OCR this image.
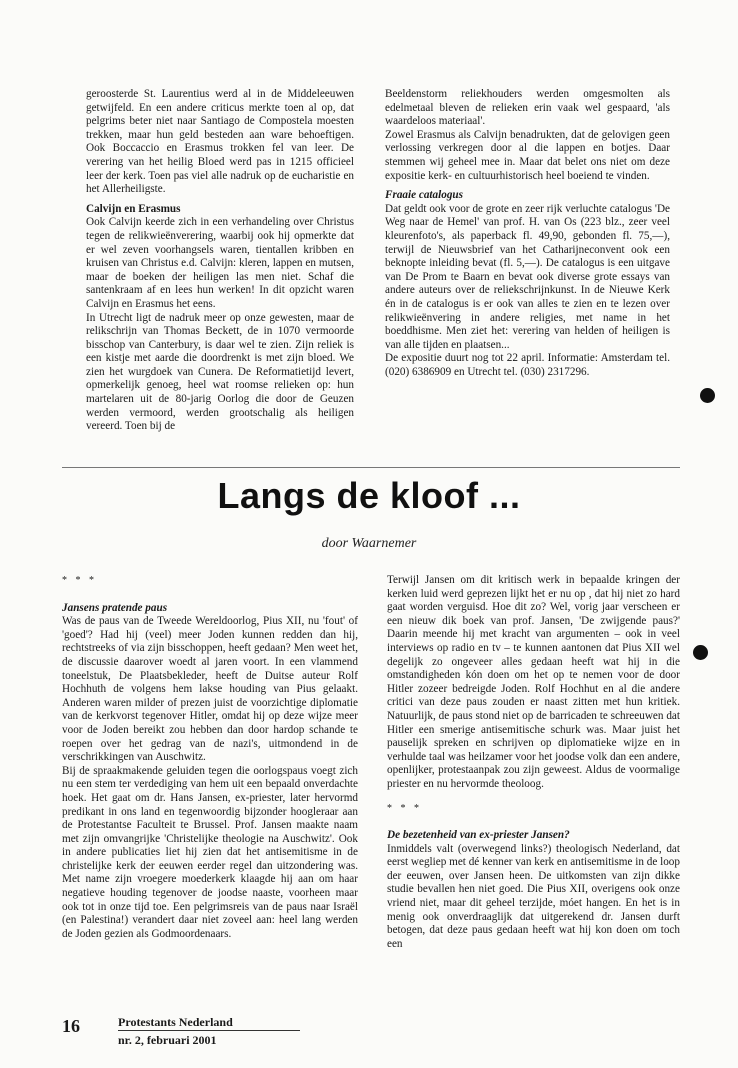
geroosterde St. Laurentius werd al in de Middeleeuwen getwijfeld. En een andere criticus merkte toen al op, dat pelgrims beter niet naar Santiago de Compostela moesten trekken, maar hun geld besteden aan ware behoeftigen. Ook Boccaccio en Erasmus trokken fel van leer. De verering van het heilig Bloed werd pas in 1215 officieel leer der kerk. Toen pas viel alle nadruk op de eucharistie en het Allerheiligste.

Calvijn en Erasmus

Ook Calvijn keerde zich in een verhandeling over Christus tegen de relikwieënverering, waarbij ook hij opmerkte dat er wel zeven voorhangsels waren, tientallen kribben en kruisen van Christus e.d. Calvijn: kleren, lappen en mutsen, maar de boeken der heiligen las men niet. Schaf die santenkraam af en lees hun werken! In dit opzicht waren Calvijn en Erasmus het eens.

In Utrecht ligt de nadruk meer op onze gewesten, maar de relikschrijn van Thomas Beckett, de in 1070 vermoorde bisschop van Canterbury, is daar wel te zien. Zijn reliek is een kistje met aarde die doordrenkt is met zijn bloed. We zien het wurgdoek van Cunera. De Reformatietijd levert, opmerkelijk genoeg, heel wat roomse relieken op: hun martelaren uit de 80-jarig Oorlog die door de Geuzen werden vermoord, werden grootschalig als heiligen vereerd. Toen bij de

Beeldenstorm reliekhouders werden omgesmolten als edelmetaal bleven de relieken erin vaak wel gespaard, 'als waardeloos materiaal'.

Zowel Erasmus als Calvijn benadrukten, dat de gelovigen geen verlossing verkregen door al die lappen en botjes. Daar stemmen wij geheel mee in. Maar dat belet ons niet om deze expositie kerk- en cultuurhistorisch heel boeiend te vinden.

Fraaie catalogus

Dat geldt ook voor de grote en zeer rijk verluchte catalogus 'De Weg naar de Hemel' van prof. H. van Os (223 blz., zeer veel kleurenfoto's, als paperback fl. 49,90, gebonden fl. 75,—), terwijl de Nieuwsbrief van het Catharijneconvent ook een beknopte inleiding bevat (fl. 5,—). De catalogus is een uitgave van De Prom te Baarn en bevat ook diverse grote essays van andere auteurs over de reliekschrijnkunst. In de Nieuwe Kerk én in de catalogus is er ook van alles te zien en te lezen over relikwieënvering in andere religies, met name in het boeddhisme. Men ziet het: verering van helden of heiligen is van alle tijden en plaatsen...

De expositie duurt nog tot 22 april. Informatie: Amsterdam tel. (020) 6386909 en Utrecht tel. (030) 2317296.

Langs de kloof ...
door Waarnemer

* * *

Jansens pratende paus

Was de paus van de Tweede Wereldoorlog, Pius XII, nu 'fout' of 'goed'? Had hij (veel) meer Joden kunnen redden dan hij, rechtstreeks of via zijn bisschoppen, heeft gedaan? Men weet het, de discussie daarover woedt al jaren voort. In een vlammend toneelstuk, De Plaatsbekleder, heeft de Duitse auteur Rolf Hochhuth de volgens hem lakse houding van Pius gelaakt. Anderen waren milder of prezen juist de voorzichtige diplomatie van de kerkvorst tegenover Hitler, omdat hij op deze wijze meer voor de Joden bereikt zou hebben dan door hardop schande te roepen over het gedrag van de nazi's, uitmondend in de verschrikkingen van Auschwitz.

Bij de spraakmakende geluiden tegen die oorlogspaus voegt zich nu een stem ter verdediging van hem uit een bepaald onverdachte hoek. Het gaat om dr. Hans Jansen, ex-priester, later hervormd predikant in ons land en tegenwoordig bijzonder hoogleraar aan de Protestantse Faculteit te Brussel. Prof. Jansen maakte naam met zijn omvangrijke 'Christelijke theologie na Auschwitz'. Ook in andere publicaties liet hij zien dat het antisemitisme in de christelijke kerk der eeuwen eerder regel dan uitzondering was. Met name zijn vroegere moederkerk klaagde hij aan om haar negatieve houding tegenover de joodse naaste, voorheen maar ook tot in onze tijd toe. Een pelgrimsreis van de paus naar Israël (en Palestina!) verandert daar niet zoveel aan: heel lang werden de Joden gezien als Godmoordenaars.

Terwijl Jansen om dit kritisch werk in bepaalde kringen der kerken luid werd geprezen lijkt het er nu op , dat hij niet zo hard gaat worden verguisd. Hoe dit zo? Wel, vorig jaar verscheen er een nieuw dik boek van prof. Jansen, 'De zwijgende paus?' Daarin meende hij met kracht van argumenten – ook in veel interviews op radio en tv – te kunnen aantonen dat Pius XII wel degelijk zo ongeveer alles gedaan heeft wat hij in die omstandigheden kón doen om het op te nemen voor de door Hitler zozeer bedreigde Joden. Rolf Hochhut en al die andere critici van deze paus zouden er naast zitten met hun kritiek. Natuurlijk, de paus stond niet op de barricaden te schreeuwen dat Hitler een smerige antisemitische schurk was. Maar juist het pauselijk spreken en schrijven op diplomatieke wijze en in verhulde taal was heilzamer voor het joodse volk dan een andere, openlijker, protestaanpak zou zijn geweest. Aldus de voormalige priester en nu hervormde theoloog.

* * *

De bezetenheid van ex-priester Jansen?

Inmiddels valt (overwegend links?) theologisch Nederland, dat eerst wegliep met dé kenner van kerk en antisemitisme in de loop der eeuwen, over Jansen heen. De uitkomsten van zijn dikke studie bevallen hen niet goed. Die Pius XII, overigens ook onze vriend niet, maar dit geheel terzijde, móet hangen. En het is in menig ook onverdraaglijk dat uitgerekend dr. Jansen durft betogen, dat deze paus gedaan heeft wat hij kon doen om toch een

16	Protestants Nederland
nr. 2, februari 2001
